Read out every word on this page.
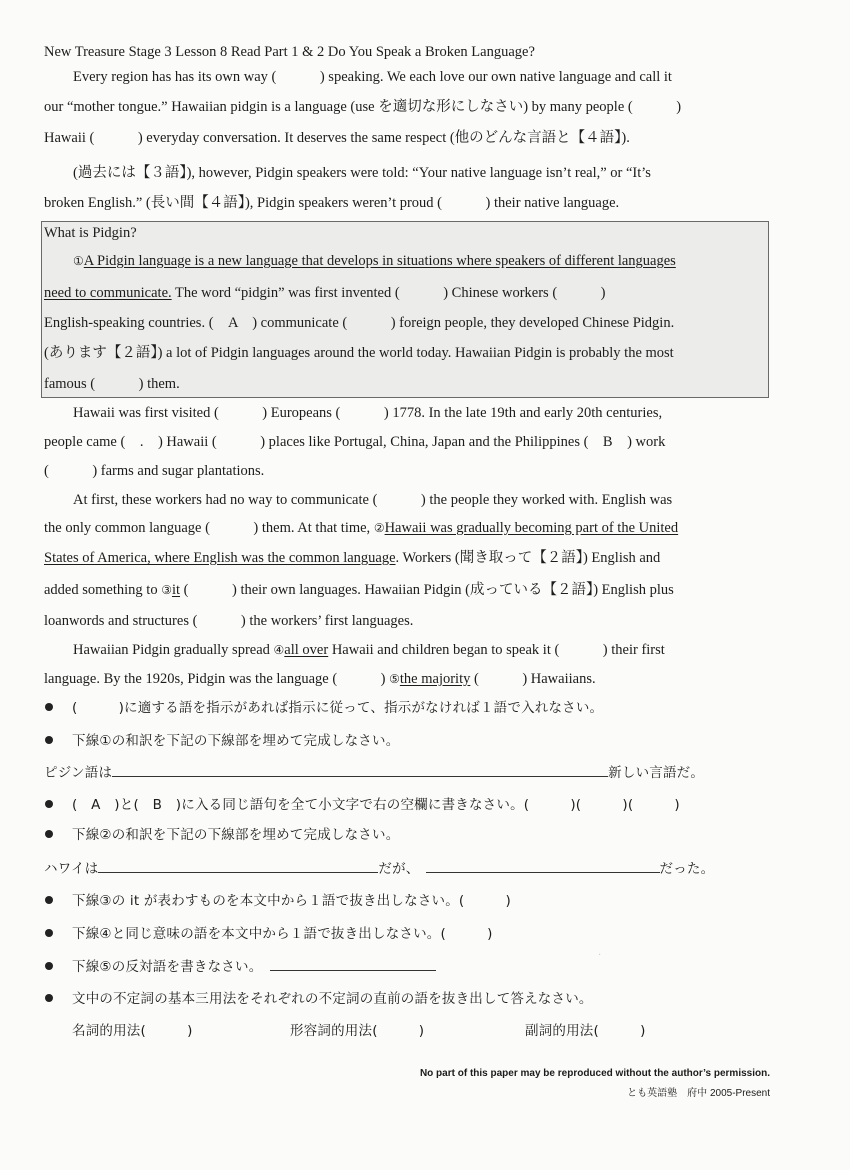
New Treasure Stage 3 Lesson 8 Read Part 1 & 2 Do You Speak a Broken Language?
Every region has has its own way (　　　) speaking. We each love our own native language and call it
our “mother tongue.” Hawaiian pidgin is a language (use を適切な形にしなさい) by many people (　　　)
Hawaii (　　　) everyday conversation. It deserves the same respect (他のどんな言語と【４語】).
(過去には【３語】), however, Pidgin speakers were told: “Your native language isn’t real,” or “It’s
broken English.” (長い間【４語】), Pidgin speakers weren’t proud (　　　) their native language.
What is Pidgin?
①A Pidgin language is a new language that develops in situations where speakers of different languages
need to communicate. The word “pidgin” was first invented (　　　) Chinese workers (　　　)
English-speaking countries. (　A　) communicate (　　　) foreign people, they developed Chinese Pidgin.
(あります【２語】) a lot of Pidgin languages around the world today. Hawaiian Pidgin is probably the most
famous (　　　) them.
Hawaii was first visited (　　　) Europeans (　　　) 1778. In the late 19th and early 20th centuries,
people came (　.　) Hawaii (　　　) places like Portugal, China, Japan and the Philippines (　B　) work
(　　　) farms and sugar plantations.
At first, these workers had no way to communicate (　　　) the people they worked with. English was
the only common language (　　　) them. At that time, ②Hawaii was gradually becoming part of the United
States of America, where English was the common language. Workers (聞き取って【２語】) English and
added something to ③it (　　　) their own languages. Hawaiian Pidgin (成っている【２語】) English plus
loanwords and structures (　　　) the workers’ first languages.
Hawaiian Pidgin gradually spread ④all over Hawaii and children began to speak it (　　　) their first
language. By the 1920s, Pidgin was the language (　　　) ⑤the majority (　　　) Hawaiians.
(　　　)に適する語を指示があれば指示に従って、指示がなければ１語で入れなさい。
下線①の和訳を下記の下線部を埋めて完成しなさい。
ピジン語は	新しい言語だ。
(　A　)と(　B　)に入る同じ語句を全て小文字で右の空欄に書きなさい。(　　　)(　　　)(　　　)
下線②の和訳を下記の下線部を埋めて完成しなさい。
ハワイは	だが、	だった。
下線③の it が表わすものを本文中から１語で抜き出しなさい。(　　　)
下線④と同じ意味の語を本文中から１語で抜き出しなさい。(　　　)
下線⑤の反対語を書きなさい。
·
文中の不定詞の基本三用法をそれぞれの不定詞の直前の語を抜き出して答えなさい。
名詞的用法(　　　)	形容詞的用法(　　　)	副詞的用法(　　　)
No part of this paper may be reproduced without the author’s permission.
とも英語塾　府中 2005-Present
